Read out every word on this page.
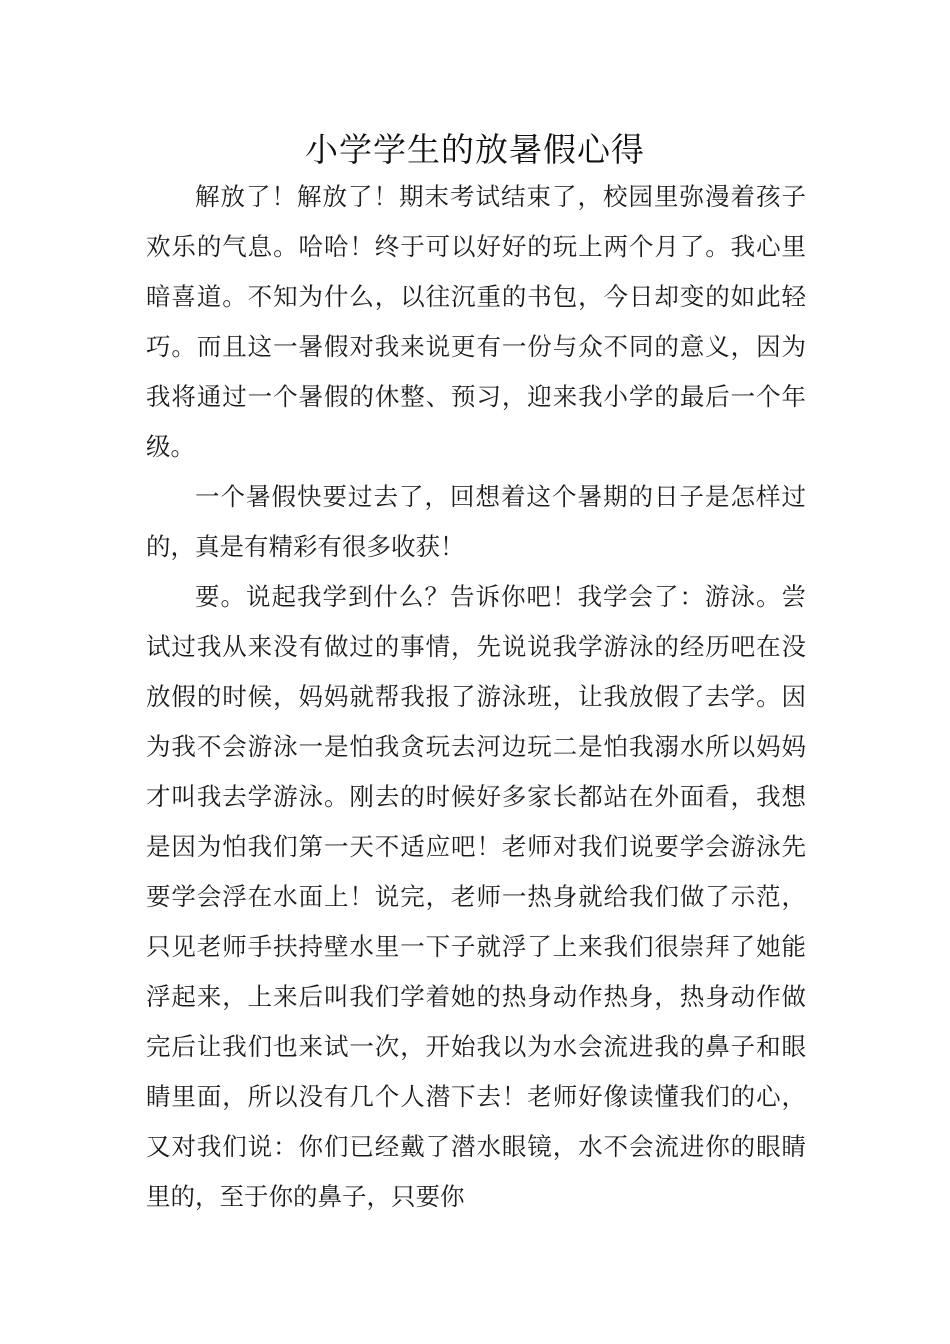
小学学生的放暑假心得

解放了！解放了！期末考试结束了，校园里弥漫着孩子欢乐的气息。哈哈！终于可以好好的玩上两个月了。我心里暗喜道。不知为什么，以往沉重的书包，今日却变的如此轻巧。而且这一暑假对我来说更有一份与众不同的意义，因为我将通过一个暑假的休整、预习，迎来我小学的最后一个年级。

一个暑假快要过去了，回想着这个暑期的日子是怎样过的，真是有精彩有很多收获！

要。说起我学到什么？告诉你吧！我学会了：游泳。尝试过我从来没有做过的事情，先说说我学游泳的经历吧在没放假的时候，妈妈就帮我报了游泳班，让我放假了去学。因为我不会游泳一是怕我贪玩去河边玩二是怕我溺水所以妈妈才叫我去学游泳。刚去的时候好多家长都站在外面看，我想是因为怕我们第一天不适应吧！老师对我们说要学会游泳先要学会浮在水面上！说完，老师一热身就给我们做了示范，只见老师手扶持壁水里一下子就浮了上来我们很崇拜了她能浮起来，上来后叫我们学着她的热身动作热身，热身动作做完后让我们也来试一次，开始我以为水会流进我的鼻子和眼睛里面，所以没有几个人潜下去！老师好像读懂我们的心，又对我们说：你们已经戴了潜水眼镜，水不会流进你的眼睛里的，至于你的鼻子，只要你
